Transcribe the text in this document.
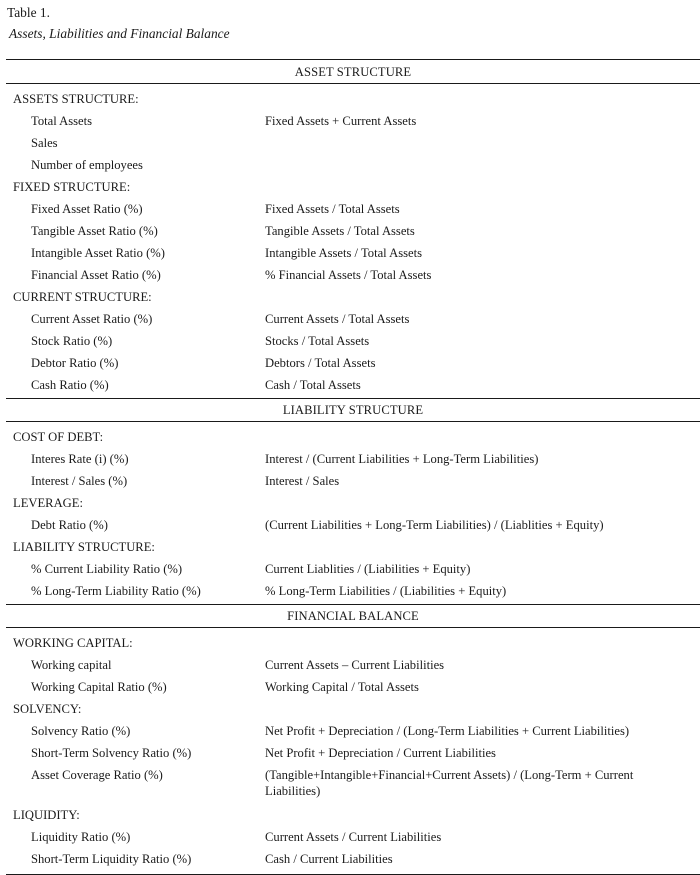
Table 1.
Assets, Liabilities and Financial Balance
ASSET STRUCTURE
ASSETS STRUCTURE:
Total Assets	Fixed Assets + Current Assets
Sales
Number of employees
FIXED STRUCTURE:
Fixed Asset Ratio (%)	Fixed Assets / Total Assets
Tangible Asset Ratio (%)	Tangible Assets / Total Assets
Intangible Asset Ratio (%)	Intangible Assets / Total Assets
Financial Asset Ratio (%)	% Financial Assets / Total Assets
CURRENT STRUCTURE:
Current Asset Ratio (%)	Current Assets / Total Assets
Stock Ratio (%)	Stocks / Total Assets
Debtor Ratio (%)	Debtors / Total Assets
Cash Ratio (%)	Cash / Total Assets
LIABILITY STRUCTURE
COST OF DEBT:
Interes Rate (i) (%)	Interest / (Current Liabilities + Long-Term Liabilities)
Interest / Sales (%)	Interest / Sales
LEVERAGE:
Debt Ratio (%)	(Current Liabilities + Long-Term Liabilities) / (Liablities + Equity)
LIABILITY STRUCTURE:
% Current Liability Ratio (%)	Current Liablities / (Liabilities + Equity)
% Long-Term Liability Ratio (%)	% Long-Term Liabilities / (Liabilities + Equity)
FINANCIAL BALANCE
WORKING CAPITAL:
Working capital	Current Assets – Current Liabilities
Working Capital Ratio (%)	Working Capital / Total Assets
SOLVENCY:
Solvency Ratio (%)	Net Profit + Depreciation / (Long-Term Liabilities + Current Liabilities)
Short-Term Solvency Ratio (%)	Net Profit + Depreciation / Current Liabilities
Asset Coverage Ratio (%)	(Tangible+Intangible+Financial+Current Assets) / (Long-Term + Current Liabilities)
LIQUIDITY:
Liquidity Ratio (%)	Current Assets / Current Liabilities
Short-Term Liquidity Ratio (%)	Cash / Current Liabilities
